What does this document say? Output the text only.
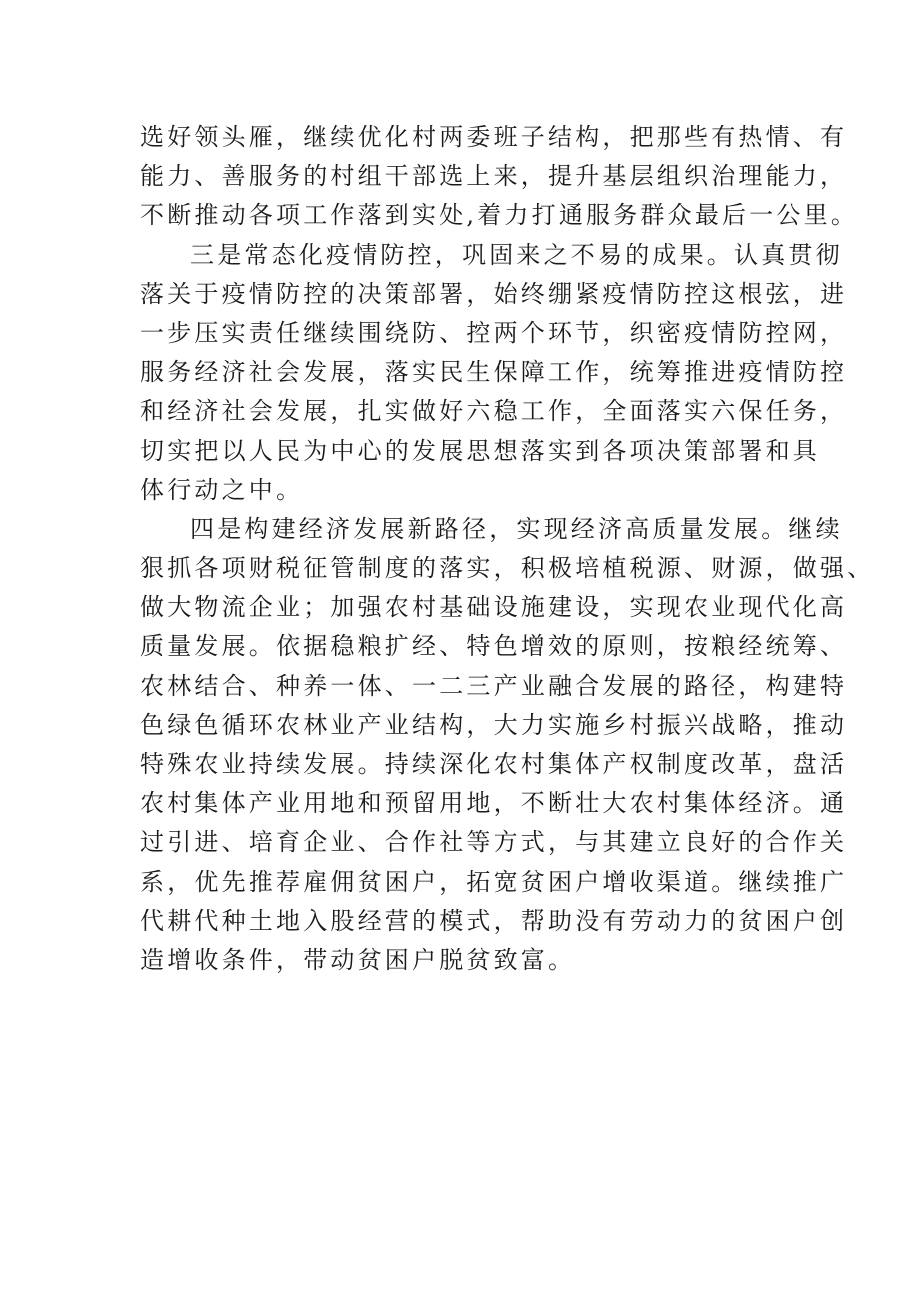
选好领头雁，继续优化村两委班子结构，把那些有热情、有
能力、善服务的村组干部选上来，提升基层组织治理能力，
不断推动各项工作落到实处,着力打通服务群众最后一公里。
三是常态化疫情防控，巩固来之不易的成果。认真贯彻
落关于疫情防控的决策部署，始终绷紧疫情防控这根弦，进
一步压实责任继续围绕防、控两个环节，织密疫情防控网，
服务经济社会发展，落实民生保障工作，统筹推进疫情防控
和经济社会发展，扎实做好六稳工作，全面落实六保任务，
切实把以人民为中心的发展思想落实到各项决策部署和具
体行动之中。
四是构建经济发展新路径，实现经济高质量发展。继续
狠抓各项财税征管制度的落实，积极培植税源、财源，做强、
做大物流企业；加强农村基础设施建设，实现农业现代化高
质量发展。依据稳粮扩经、特色增效的原则，按粮经统筹、
农林结合、种养一体、一二三产业融合发展的路径，构建特
色绿色循环农林业产业结构，大力实施乡村振兴战略，推动
特殊农业持续发展。持续深化农村集体产权制度改革，盘活
农村集体产业用地和预留用地，不断壮大农村集体经济。通
过引进、培育企业、合作社等方式，与其建立良好的合作关
系，优先推荐雇佣贫困户，拓宽贫困户增收渠道。继续推广
代耕代种土地入股经营的模式，帮助没有劳动力的贫困户创
造增收条件，带动贫困户脱贫致富。
